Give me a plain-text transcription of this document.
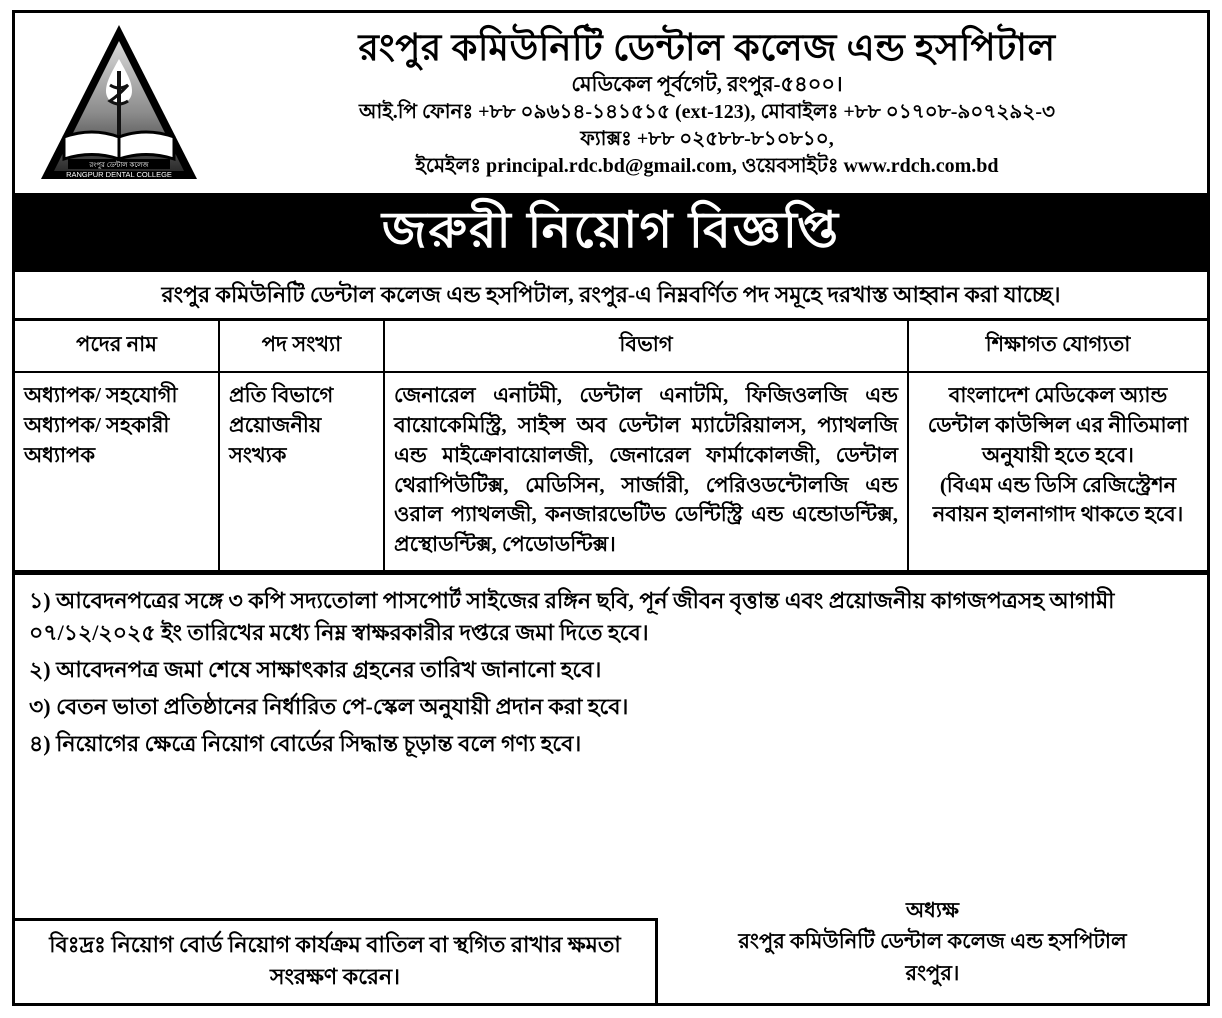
রংপুর ডেন্টাল কলেজ
RANGPUR DENTAL COLLEGE
রংপুর কমিউনিটি ডেন্টাল কলেজ এন্ড হসপিটাল
মেডিকেল পূর্বগেট, রংপুর-৫৪০০।
আই.পি ফোনঃ +৮৮ ০৯৬১৪-১৪১৫১৫ (ext-123), মোবাইলঃ +৮৮ ০১৭০৮-৯০৭২৯২-৩
ফ্যাক্সঃ +৮৮ ০২৫৮৮-৮১০৮১০,
ইমেইলঃ principal.rdc.bd@gmail.com, ওয়েবসাইটঃ www.rdch.com.bd
জরুরী নিয়োগ বিজ্ঞপ্তি
রংপুর কমিউনিটি ডেন্টাল কলেজ এন্ড হসপিটাল, রংপুর-এ নিম্নবর্ণিত পদ সমূহে দরখাস্ত আহ্বান করা যাচ্ছে।
পদের নাম	পদ সংখ্যা	বিভাগ	শিক্ষাগত যোগ্যতা
অধ্যাপক/ সহযোগী অধ্যাপক/ সহকারী অধ্যাপক	প্রতি বিভাগে প্রয়োজনীয় সংখ্যক	জেনারেল এনাটমী, ডেন্টাল এনাটমি, ফিজিওলজি এন্ড বায়োকেমিস্ট্রি, সাইন্স অব ডেন্টাল ম্যাটেরিয়ালস, প্যাথলজি এন্ড মাইক্রোবায়োলজী, জেনারেল ফার্মাকোলজী, ডেন্টাল থেরাপিউটিক্স, মেডিসিন, সার্জারী, পেরিওডন্টোলজি এন্ড ওরাল প্যাথলজী, কনজারভেটিভ ডেন্টিস্ট্রি এন্ড এন্ডোডন্টিক্স, প্রস্থোডন্টিক্স, পেডোডন্টিক্স।	বাংলাদেশ মেডিকেল অ্যান্ড ডেন্টাল কাউন্সিল এর নীতিমালা অনুযায়ী হতে হবে।
(বিএম এন্ড ডিসি রেজিস্ট্রেশন নবায়ন হালনাগাদ থাকতে হবে।
১) আবেদনপত্রের সঙ্গে ৩ কপি সদ্যতোলা পাসপোর্ট সাইজের রঙ্গিন ছবি, পূর্ন জীবন বৃত্তান্ত এবং প্রয়োজনীয় কাগজপত্রসহ আগামী ০৭/১২/২০২৫ ইং তারিখের মধ্যে নিম্ন স্বাক্ষরকারীর দপ্তরে জমা দিতে হবে।
২) আবেদনপত্র জমা শেষে সাক্ষাৎকার গ্রহনের তারিখ জানানো হবে।
৩) বেতন ভাতা প্রতিষ্ঠানের নির্ধারিত পে-স্কেল অনুযায়ী প্রদান করা হবে।
৪) নিয়োগের ক্ষেত্রে নিয়োগ বোর্ডের সিদ্ধান্ত চূড়ান্ত বলে গণ্য হবে।
বিঃদ্রঃ নিয়োগ বোর্ড নিয়োগ কার্যক্রম বাতিল বা স্থগিত রাখার ক্ষমতা সংরক্ষণ করেন।
অধ্যক্ষ
রংপুর কমিউনিটি ডেন্টাল কলেজ এন্ড হসপিটাল
রংপুর।
